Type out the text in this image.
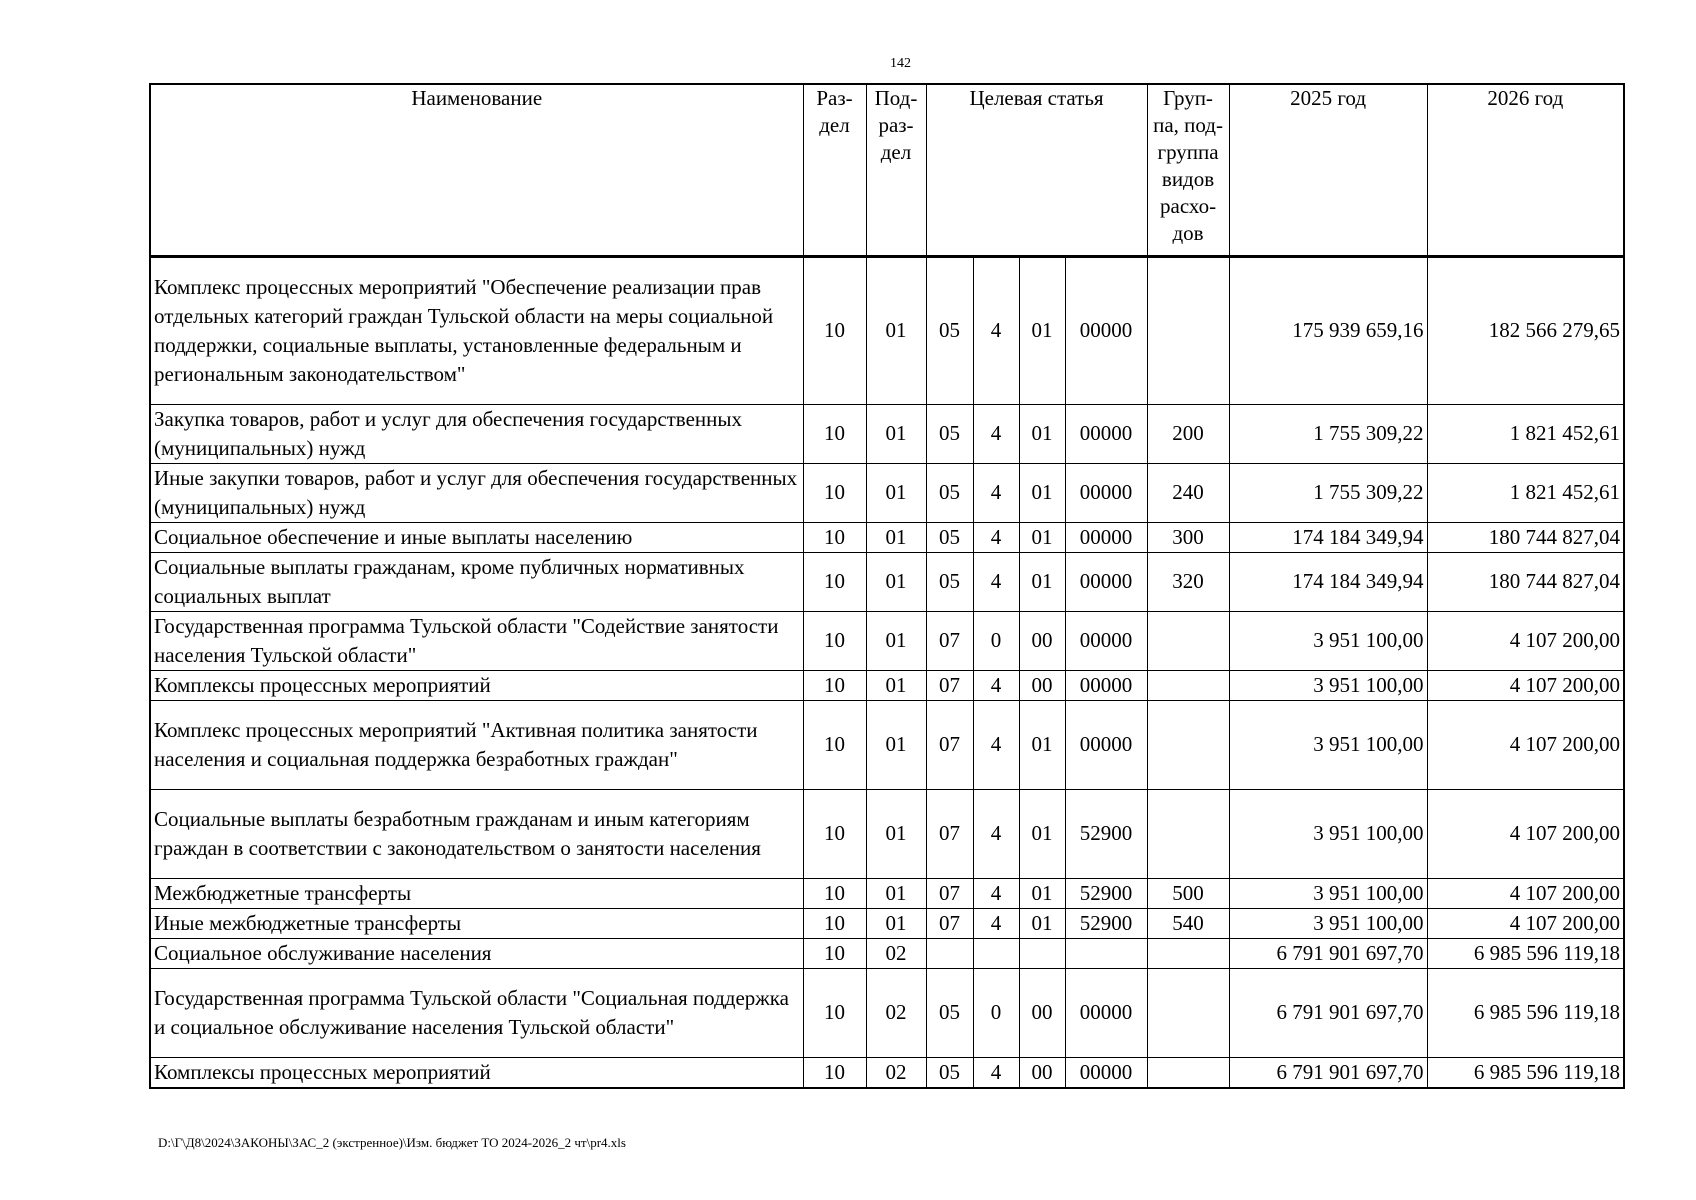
142
Наименование	Раз- дел	Под- раз- дел	Целевая статья				Груп- па, под- группа видов расхо- дов	2025 год	2026 год
Комплекс процессных мероприятий "Обеспечение реализации прав отдельных категорий граждан Тульской области на меры социальной поддержки, социальные выплаты, установленные федеральным и региональным законодательством"	10	01	05	4	01	00000		175 939 659,16	182 566 279,65
Закупка товаров, работ и услуг для обеспечения государственных (муниципальных) нужд	10	01	05	4	01	00000	200	1 755 309,22	1 821 452,61
Иные закупки товаров, работ и услуг для обеспечения государственных (муниципальных) нужд	10	01	05	4	01	00000	240	1 755 309,22	1 821 452,61
Социальное обеспечение и иные выплаты населению	10	01	05	4	01	00000	300	174 184 349,94	180 744 827,04
Социальные выплаты гражданам, кроме публичных нормативных социальных выплат	10	01	05	4	01	00000	320	174 184 349,94	180 744 827,04
Государственная программа Тульской области "Содействие занятости населения Тульской области"	10	01	07	0	00	00000		3 951 100,00	4 107 200,00
Комплексы процессных мероприятий	10	01	07	4	00	00000		3 951 100,00	4 107 200,00
Комплекс процессных мероприятий "Активная политика занятости населения и социальная поддержка безработных граждан"	10	01	07	4	01	00000		3 951 100,00	4 107 200,00
Социальные выплаты безработным гражданам и иным категориям граждан в соответствии с законодательством о занятости населения	10	01	07	4	01	52900		3 951 100,00	4 107 200,00
Межбюджетные трансферты	10	01	07	4	01	52900	500	3 951 100,00	4 107 200,00
Иные межбюджетные трансферты	10	01	07	4	01	52900	540	3 951 100,00	4 107 200,00
Социальное обслуживание населения	10	02						6 791 901 697,70	6 985 596 119,18
Государственная программа Тульской области "Социальная поддержка и социальное обслуживание населения Тульской области"	10	02	05	0	00	00000		6 791 901 697,70	6 985 596 119,18
Комплексы процессных мероприятий	10	02	05	4	00	00000		6 791 901 697,70	6 985 596 119,18
D:\Г\Д8\2024\ЗАКОНЫ\ЗАС_2 (экстренное)\Изм. бюджет ТО 2024-2026_2 чт\pr4.xls
